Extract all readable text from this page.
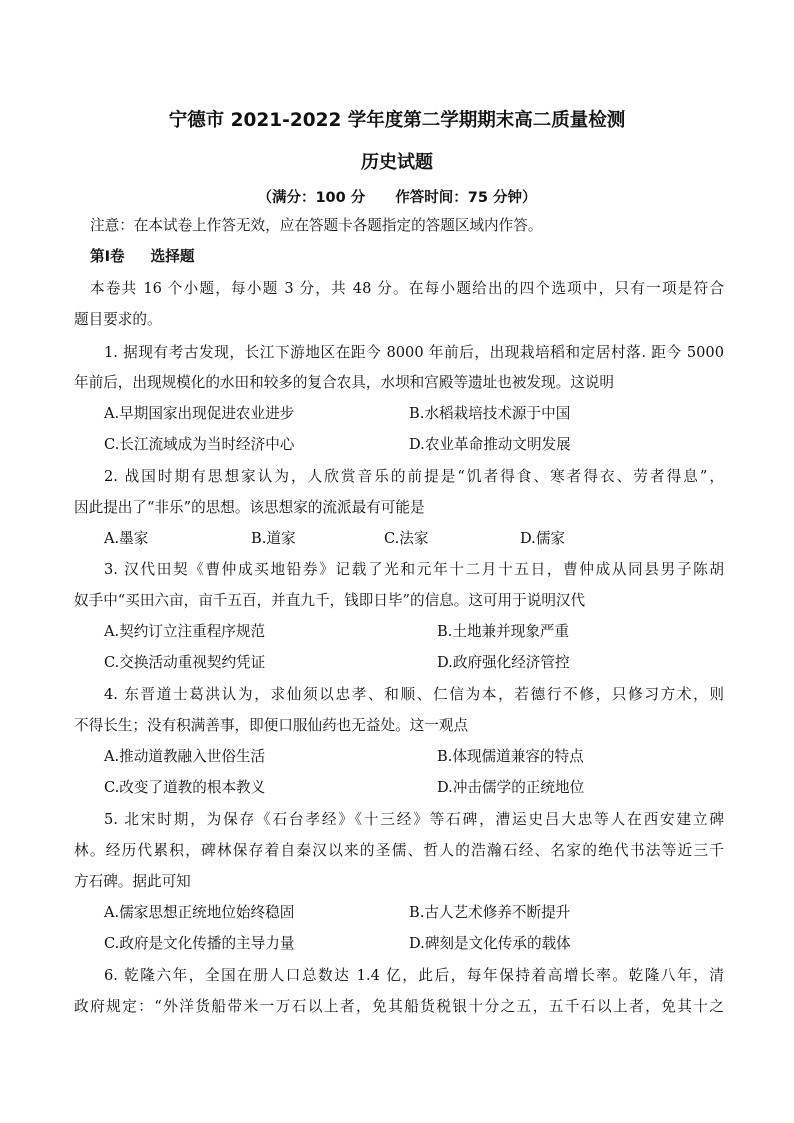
宁德市 2021-2022 学年度第二学期期末高二质量检测
历史试题
（满分：100 分 作答时间：75 分钟）
注意：在本试卷上作答无效，应在答题卡各题指定的答题区域内作答。
第Ⅰ卷 选择题
本卷共 16 个小题，每小题 3 分，共 48 分。在每小题给出的四个选项中，只有一项是符合
题目要求的。
1. 据现有考古发现，长江下游地区在距今 8000 年前后，出现栽培稻和定居村落. 距今 5000
年前后，出现规模化的水田和较多的复合农具，水坝和宫殿等遗址也被发现。这说明
A.早期国家出现促进农业进步	B.水稻栽培技术源于中国
C.长江流域成为当时经济中心	D.农业革命推动文明发展
2. 战国时期有思想家认为，人欣赏音乐的前提是“饥者得食、寒者得衣、劳者得息”，
因此提出了“非乐”的思想。该思想家的流派最有可能是
A.墨家	B.道家	C.法家	D.儒家
3. 汉代田契《曹仲成买地铅券》记载了光和元年十二月十五日，曹仲成从同县男子陈胡
奴手中“买田六亩，亩千五百，并直九千，钱即日毕”的信息。这可用于说明汉代
A.契约订立注重程序规范	B.土地兼并现象严重
C.交换活动重视契约凭证	D.政府强化经济管控
4. 东晋道士葛洪认为，求仙须以忠孝、和顺、仁信为本，若德行不修，只修习方术，则
不得长生；没有积满善事，即便口服仙药也无益处。这一观点
A.推动道教融入世俗生活	B.体现儒道兼容的特点
C.改变了道教的根本教义	D.冲击儒学的正统地位
5. 北宋时期，为保存《石台孝经》《十三经》等石碑，漕运史吕大忠等人在西安建立碑
林。经历代累积，碑林保存着自秦汉以来的圣儒、哲人的浩瀚石经、名家的绝代书法等近三千
方石碑。据此可知
A.儒家思想正统地位始终稳固	B.古人艺术修养不断提升
C.政府是文化传播的主导力量	D.碑刻是文化传承的载体
6. 乾隆六年，全国在册人口总数达 1.4 亿，此后，每年保持着高增长率。乾隆八年，清
政府规定：“外洋货船带米一万石以上者，免其船货税银十分之五，五千石以上者，免其十之
